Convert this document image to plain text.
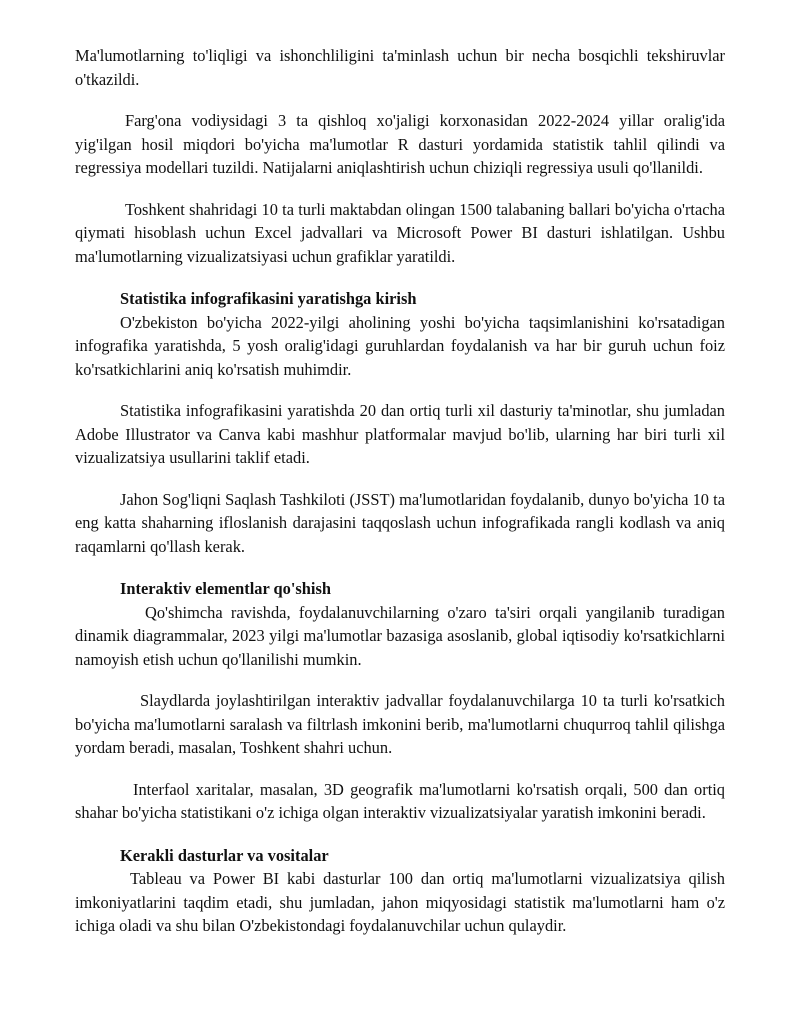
Ma'lumotlarning to'liqligi va ishonchliligini ta'minlash uchun bir necha bosqichli tekshiruvlar o'tkazildi.

Farg'ona vodiysidagi 3 ta qishloq xo'jaligi korxonasidan 2022-2024 yillar oralig'ida yig'ilgan hosil miqdori bo'yicha ma'lumotlar R dasturi yordamida statistik tahlil qilindi va regressiya modellari tuzildi. Natijalarni aniqlashtirish uchun chiziqli regressiya usuli qo'llanildi.

Toshkent shahridagi 10 ta turli maktabdan olingan 1500 talabaning ballari bo'yicha o'rtacha qiymati hisoblash uchun Excel jadvallari va Microsoft Power BI dasturi ishlatilgan. Ushbu ma'lumotlarning vizualizatsiyasi uchun grafiklar yaratildi.

Statistika infografikasini yaratishga kirish

O'zbekiston bo'yicha 2022-yilgi aholining yoshi bo'yicha taqsimlanishini ko'rsatadigan infografika yaratishda, 5 yosh oralig'idagi guruhlardan foydalanish va har bir guruh uchun foiz ko'rsatkichlarini aniq ko'rsatish muhimdir.

Statistika infografikasini yaratishda 20 dan ortiq turli xil dasturiy ta'minotlar, shu jumladan Adobe Illustrator va Canva kabi mashhur platformalar mavjud bo'lib, ularning har biri turli xil vizualizatsiya usullarini taklif etadi.

Jahon Sog'liqni Saqlash Tashkiloti (JSST) ma'lumotlaridan foydalanib, dunyo bo'yicha 10 ta eng katta shaharning ifloslanish darajasini taqqoslash uchun infografikada rangli kodlash va aniq raqamlarni qo'llash kerak.

Interaktiv elementlar qo'shish

Qo'shimcha ravishda, foydalanuvchilarning o'zaro ta'siri orqali yangilanib turadigan dinamik diagrammalar, 2023 yilgi ma'lumotlar bazasiga asoslanib, global iqtisodiy ko'rsatkichlarni namoyish etish uchun qo'llanilishi mumkin.

Slaydlarda joylashtirilgan interaktiv jadvallar foydalanuvchilarga 10 ta turli ko'rsatkich bo'yicha ma'lumotlarni saralash va filtrlash imkonini berib, ma'lumotlarni chuqurroq tahlil qilishga yordam beradi, masalan, Toshkent shahri uchun.

Interfaol xaritalar, masalan, 3D geografik ma'lumotlarni ko'rsatish orqali, 500 dan ortiq shahar bo'yicha statistikani o'z ichiga olgan interaktiv vizualizatsiyalar yaratish imkonini beradi.

Kerakli dasturlar va vositalar

Tableau va Power BI kabi dasturlar 100 dan ortiq ma'lumotlarni vizualizatsiya qilish imkoniyatlarini taqdim etadi, shu jumladan, jahon miqyosidagi statistik ma'lumotlarni ham o'z ichiga oladi va shu bilan O'zbekistondagi foydalanuvchilar uchun qulaydir.
